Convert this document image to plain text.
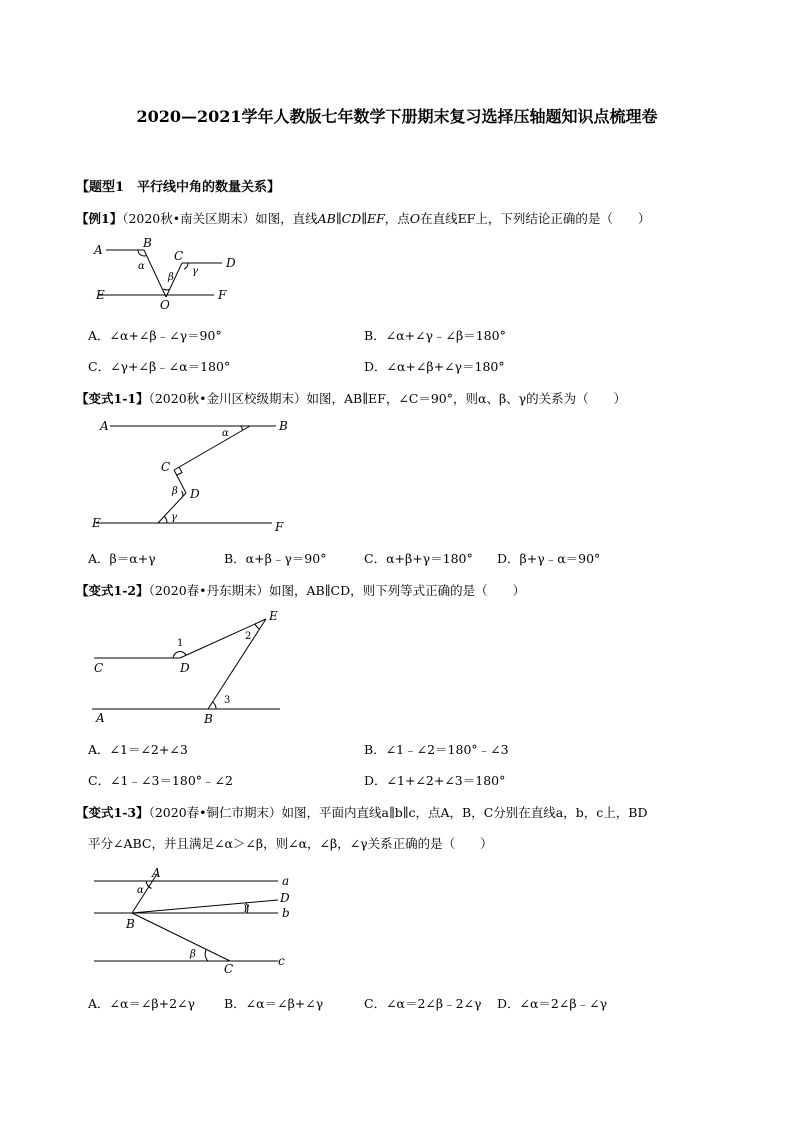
2020—2021学年人教版七年数学下册期末复习选择压轴题知识点梳理卷
【题型1　平行线中角的数量关系】
【例1】（2020秋•南关区期末）如图，直线AB∥CD∥EF，点O在直线EF上，下列结论正确的是（　　）
A	B
C	D
E	F
O
α
β
γ
A．∠α+∠β﹣∠γ＝90°	B．∠α+∠γ﹣∠β＝180°
C．∠γ+∠β﹣∠α＝180°	D．∠α+∠β+∠γ＝180°
【变式1-1】（2020秋•金川区校级期末）如图，AB∥EF，∠C＝90°，则α、β、γ的关系为（　　）
A	B
C
D
E	F
α
β
γ
A．β＝α+γ	B．α+β﹣γ＝90°	C．α+β+γ＝180° D．β+γ﹣α＝90°
【变式1-2】（2020春•丹东期末）如图，AB∥CD，则下列等式正确的是（　　）
C	D
E
A	B
1
2
3
A．∠1＝∠2+∠3	B．∠1﹣∠2＝180°﹣∠3
C．∠1﹣∠3＝180°﹣∠2	D．∠1+∠2+∠3＝180°
【变式1-3】（2020春•铜仁市期末）如图，平面内直线a∥b∥c，点A，B，C分别在直线a，b，c上，BD
平分∠ABC，并且满足∠α＞∠β，则∠α，∠β，∠γ关系正确的是（　　）
A
B
C
D
a
b
c
α
β
γ
A．∠α＝∠β+2∠γ B．∠α＝∠β+∠γ	C．∠α＝2∠β﹣2∠γ D．∠α＝2∠β﹣∠γ
